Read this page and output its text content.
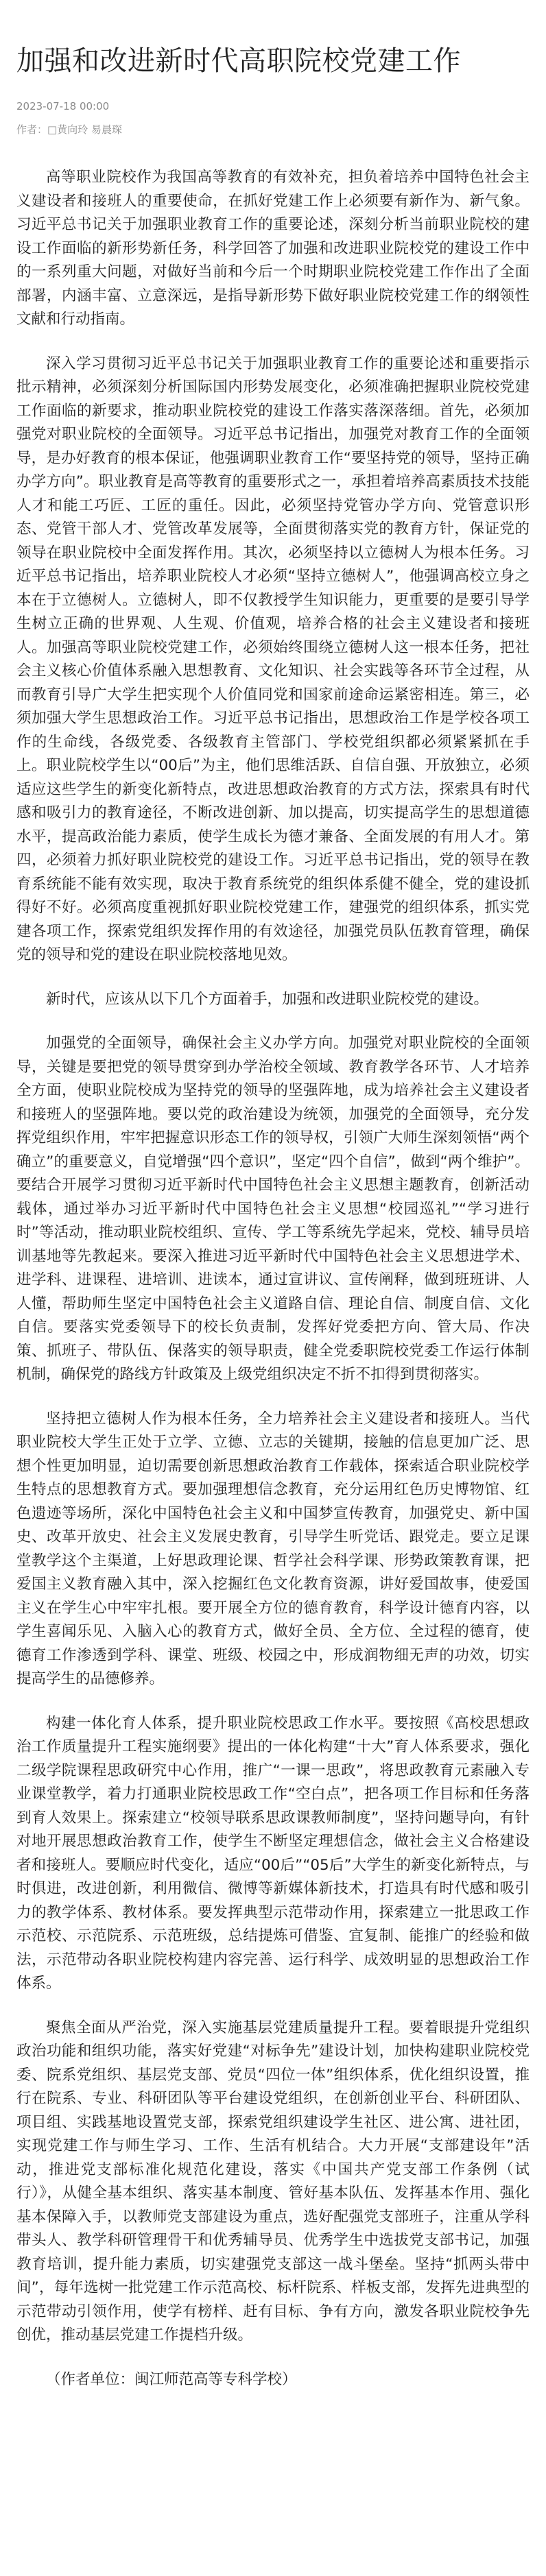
加强和改进新时代高职院校党建工作
2023-07-18 00:00
作者：□黄向玲 易晨琛

高等职业院校作为我国高等教育的有效补充，担负着培养中国特色社会主义建设者和接班人的重要使命，在抓好党建工作上必须要有新作为、新气象。习近平总书记关于加强职业教育工作的重要论述，深刻分析当前职业院校的建设工作面临的新形势新任务，科学回答了加强和改进职业院校党的建设工作中的一系列重大问题，对做好当前和今后一个时期职业院校党建工作作出了全面部署，内涵丰富、立意深远，是指导新形势下做好职业院校党建工作的纲领性文献和行动指南。

深入学习贯彻习近平总书记关于加强职业教育工作的重要论述和重要指示批示精神，必须深刻分析国际国内形势发展变化，必须准确把握职业院校党建工作面临的新要求，推动职业院校党的建设工作落实落深落细。首先，必须加强党对职业院校的全面领导。习近平总书记指出，加强党对教育工作的全面领导，是办好教育的根本保证，他强调职业教育工作“要坚持党的领导，坚持正确办学方向”。职业教育是高等教育的重要形式之一，承担着培养高素质技术技能人才和能工巧匠、工匠的重任。因此，必须坚持党管办学方向、党管意识形态、党管干部人才、党管改革发展等，全面贯彻落实党的教育方针，保证党的领导在职业院校中全面发挥作用。其次，必须坚持以立德树人为根本任务。习近平总书记指出，培养职业院校人才必须“坚持立德树人”，他强调高校立身之本在于立德树人。立德树人，即不仅教授学生知识能力，更重要的是要引导学生树立正确的世界观、人生观、价值观，培养合格的社会主义建设者和接班人。加强高等职业院校党建工作，必须始终围绕立德树人这一根本任务，把社会主义核心价值体系融入思想教育、文化知识、社会实践等各环节全过程，从而教育引导广大学生把实现个人价值同党和国家前途命运紧密相连。第三，必须加强大学生思想政治工作。习近平总书记指出，思想政治工作是学校各项工作的生命线，各级党委、各级教育主管部门、学校党组织都必须紧紧抓在手上。职业院校学生以“00后”为主，他们思维活跃、自信自强、开放独立，必须适应这些学生的新变化新特点，改进思想政治教育的方式方法，探索具有时代感和吸引力的教育途径，不断改进创新、加以提高，切实提高学生的思想道德水平，提高政治能力素质，使学生成长为德才兼备、全面发展的有用人才。第四，必须着力抓好职业院校党的建设工作。习近平总书记指出，党的领导在教育系统能不能有效实现，取决于教育系统党的组织体系健不健全，党的建设抓得好不好。必须高度重视抓好职业院校党建工作，建强党的组织体系，抓实党建各项工作，探索党组织发挥作用的有效途径，加强党员队伍教育管理，确保党的领导和党的建设在职业院校落地见效。

新时代，应该从以下几个方面着手，加强和改进职业院校党的建设。

加强党的全面领导，确保社会主义办学方向。加强党对职业院校的全面领导，关键是要把党的领导贯穿到办学治校全领域、教育教学各环节、人才培养全方面，使职业院校成为坚持党的领导的坚强阵地，成为培养社会主义建设者和接班人的坚强阵地。要以党的政治建设为统领，加强党的全面领导，充分发挥党组织作用，牢牢把握意识形态工作的领导权，引领广大师生深刻领悟“两个确立”的重要意义，自觉增强“四个意识”，坚定“四个自信”，做到“两个维护”。要结合开展学习贯彻习近平新时代中国特色社会主义思想主题教育，创新活动载体，通过举办习近平新时代中国特色社会主义思想“校园巡礼”“学习进行时”等活动，推动职业院校组织、宣传、学工等系统先学起来，党校、辅导员培训基地等先教起来。要深入推进习近平新时代中国特色社会主义思想进学术、进学科、进课程、进培训、进读本，通过宣讲议、宣传阐释，做到班班讲、人人懂，帮助师生坚定中国特色社会主义道路自信、理论自信、制度自信、文化自信。要落实党委领导下的校长负责制，发挥好党委把方向、管大局、作决策、抓班子、带队伍、保落实的领导职责，健全党委职院校党委工作运行体制机制，确保党的路线方针政策及上级党组织决定不折不扣得到贯彻落实。

坚持把立德树人作为根本任务，全力培养社会主义建设者和接班人。当代职业院校大学生正处于立学、立德、立志的关键期，接触的信息更加广泛、思想个性更加明显，迫切需要创新思想政治教育工作载体，探索适合职业院校学生特点的思想教育方式。要加强理想信念教育，充分运用红色历史博物馆、红色遗迹等场所，深化中国特色社会主义和中国梦宣传教育，加强党史、新中国史、改革开放史、社会主义发展史教育，引导学生听党话、跟党走。要立足课堂教学这个主渠道，上好思政理论课、哲学社会科学课、形势政策教育课，把爱国主义教育融入其中，深入挖掘红色文化教育资源，讲好爱国故事，使爱国主义在学生心中牢牢扎根。要开展全方位的德育教育，科学设计德育内容，以学生喜闻乐见、入脑入心的教育方式，做好全员、全方位、全过程的德育，使德育工作渗透到学科、课堂、班级、校园之中，形成润物细无声的功效，切实提高学生的品德修养。

构建一体化育人体系，提升职业院校思政工作水平。要按照《高校思想政治工作质量提升工程实施纲要》提出的一体化构建“十大”育人体系要求，强化二级学院课程思政研究中心作用，推广“一课一思政”，将思政教育元素融入专业课堂教学，着力打通职业院校思政工作“空白点”，把各项工作目标和任务落到育人效果上。探索建立“校领导联系思政课教师制度”，坚持问题导向，有针对地开展思想政治教育工作，使学生不断坚定理想信念，做社会主义合格建设者和接班人。要顺应时代变化，适应“00后”“05后”大学生的新变化新特点，与时俱进，改进创新，利用微信、微博等新媒体新技术，打造具有时代感和吸引力的教学体系、教材体系。要发挥典型示范带动作用，探索建立一批思政工作示范校、示范院系、示范班级，总结提炼可借鉴、宜复制、能推广的经验和做法，示范带动各职业院校构建内容完善、运行科学、成效明显的思想政治工作体系。

聚焦全面从严治党，深入实施基层党建质量提升工程。要着眼提升党组织政治功能和组织功能，落实好党建“对标争先”建设计划，加快构建职业院校党委、院系党组织、基层党支部、党员“四位一体”组织体系，优化组织设置，推行在院系、专业、科研团队等平台建设党组织，在创新创业平台、科研团队、项目组、实践基地设置党支部，探索党组织建设学生社区、进公寓、进社团，实现党建工作与师生学习、工作、生活有机结合。大力开展“支部建设年”活动，推进党支部标准化规范化建设，落实《中国共产党支部工作条例（试行）》，从健全基本组织、落实基本制度、管好基本队伍、发挥基本作用、强化基本保障入手，以教师党支部建设为重点，选好配强党支部班子，注重从学科带头人、教学科研管理骨干和优秀辅导员、优秀学生中选拔党支部书记，加强教育培训，提升能力素质，切实建强党支部这一战斗堡垒。坚持“抓两头带中间”，每年选树一批党建工作示范高校、标杆院系、样板支部，发挥先进典型的示范带动引领作用，使学有榜样、赶有目标、争有方向，激发各职业院校争先创优，推动基层党建工作提档升级。

（作者单位：闽江师范高等专科学校）
